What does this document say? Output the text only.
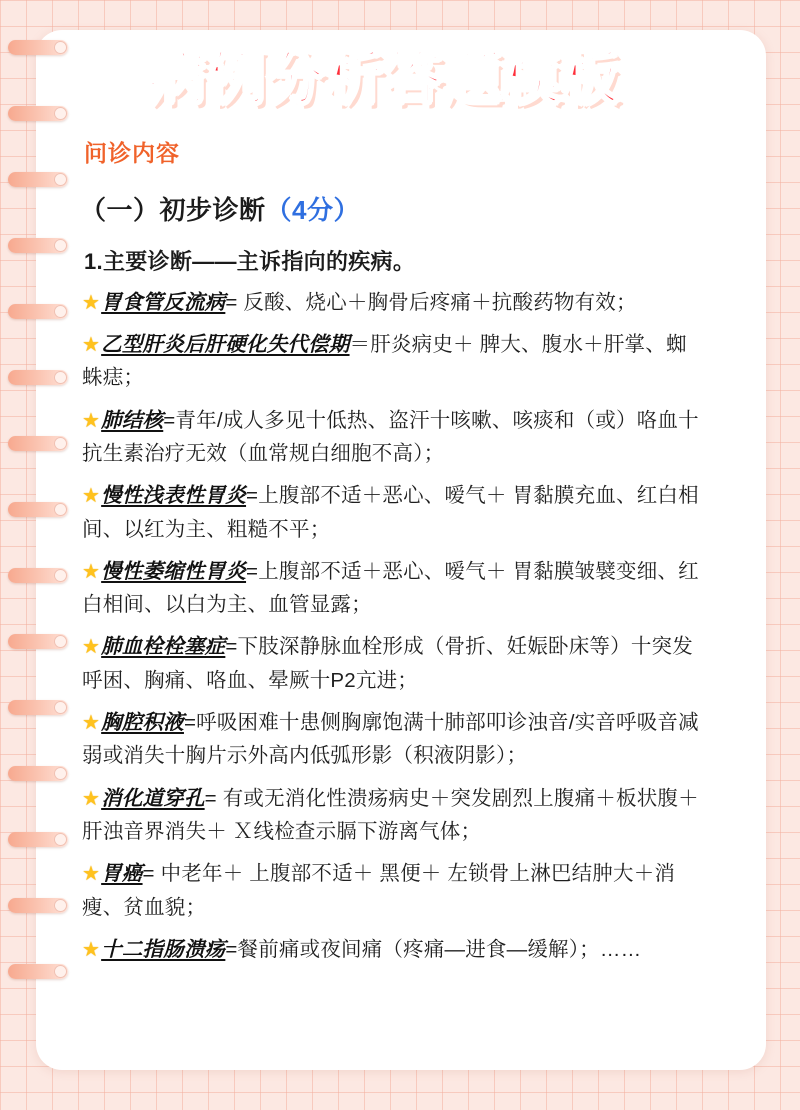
病例分析答题模板
问诊内容
（一）初步诊断（4分）
1.主要诊断——主诉指向的疾病。
★胃食管反流病= 反酸、烧心＋胸骨后疼痛＋抗酸药物有效；
★乙型肝炎后肝硬化失代偿期＝肝炎病史＋ 脾大、腹水＋肝掌、蜘蛛痣；
★肺结核=青年/成人多见十低热、盗汗十咳嗽、咳痰和（或）咯血十抗生素治疗无效（血常规白细胞不高）；
★慢性浅表性胃炎=上腹部不适＋恶心、嗳气＋ 胃黏膜充血、红白相间、以红为主、粗糙不平；
★慢性萎缩性胃炎=上腹部不适＋恶心、嗳气＋ 胃黏膜皱襞变细、红白相间、以白为主、血管显露；
★肺血栓栓塞症=下肢深静脉血栓形成（骨折、妊娠卧床等）十突发呼困、胸痛、咯血、晕厥十P2亢进；
★胸腔积液=呼吸困难十患侧胸廓饱满十肺部叩诊浊音/实音呼吸音减弱或消失十胸片示外高内低弧形影（积液阴影）；
★消化道穿孔= 有或无消化性溃疡病史＋突发剧烈上腹痛＋板状腹＋ 肝浊音界消失＋ Ｘ线检查示膈下游离气体；
★胃癌= 中老年＋ 上腹部不适＋ 黑便＋ 左锁骨上淋巴结肿大＋消瘦、贫血貌；
★十二指肠溃疡=餐前痛或夜间痛（疼痛—进食—缓解）；……
